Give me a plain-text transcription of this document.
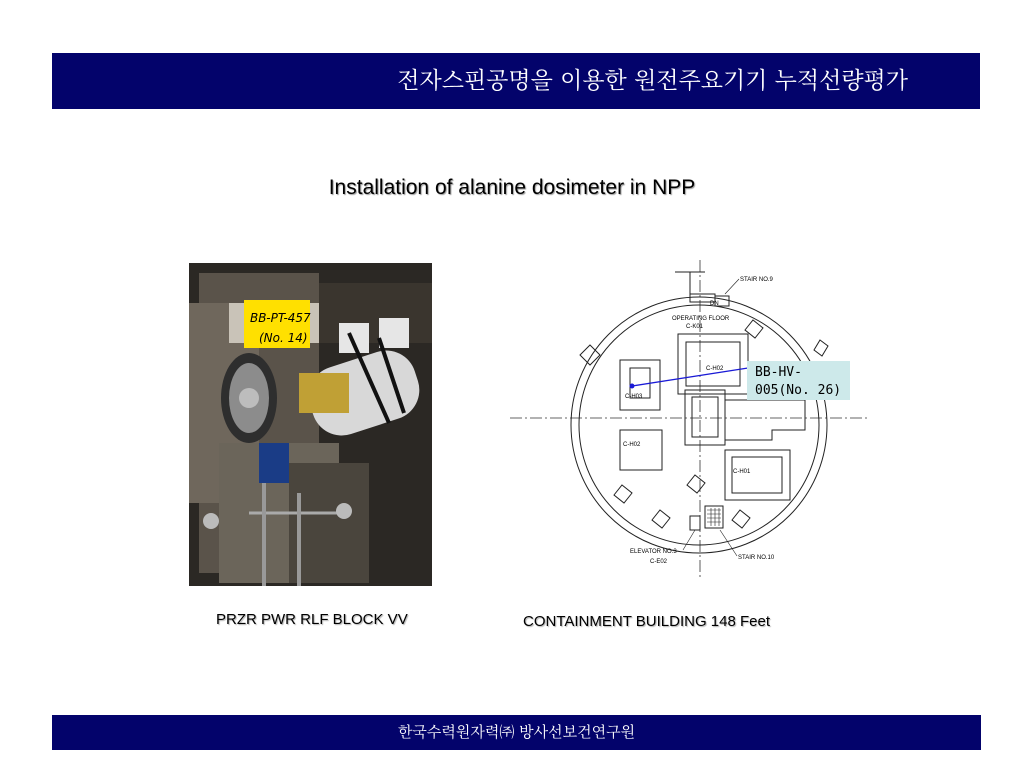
전자스핀공명을 이용한 원전주요기기 누적선량평가
Installation of alanine dosimeter in NPP
BB-PT-457
(No. 14)
PRZR PWR RLF BLOCK VV
STAIR NO.9
DN
OPERATING FLOOR
C-K01
C-H03
C-H02
C-H02
C-H01
ELEVATOR NO.3
C-E02
STAIR NO.10
BB-HV-
005(No. 26)
CONTAINMENT BUILDING 148 Feet
한국수력원자력㈜ 방사선보건연구원
